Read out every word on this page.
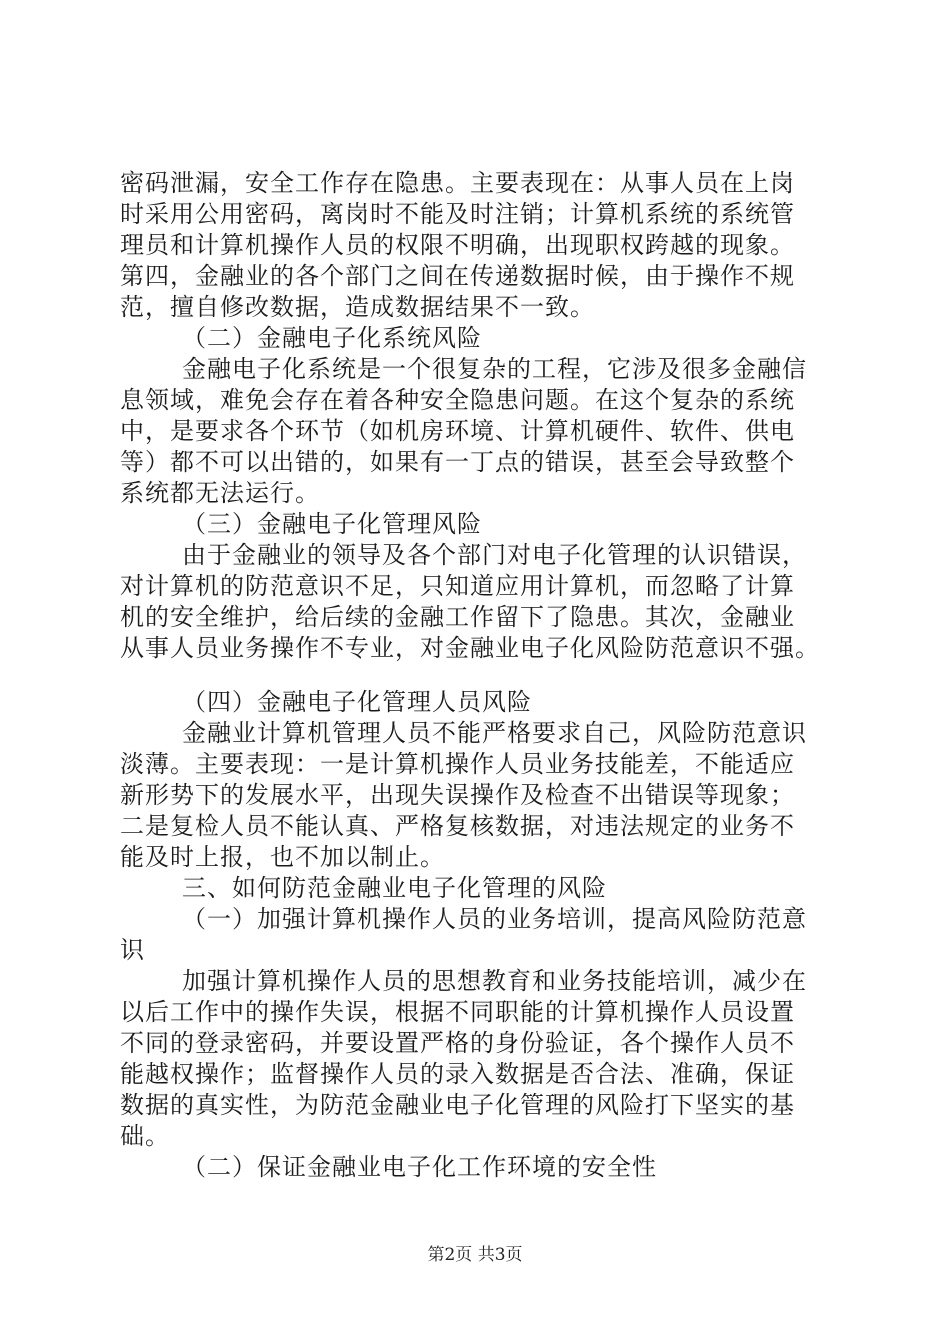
密码泄漏，安全工作存在隐患。主要表现在：从事人员在上岗
时采用公用密码，离岗时不能及时注销；计算机系统的系统管
理员和计算机操作人员的权限不明确，出现职权跨越的现象。
第四，金融业的各个部门之间在传递数据时候，由于操作不规
范，擅自修改数据，造成数据结果不一致。
（二）金融电子化系统风险
金融电子化系统是一个很复杂的工程，它涉及很多金融信
息领域，难免会存在着各种安全隐患问题。在这个复杂的系统
中，是要求各个环节（如机房环境、计算机硬件、软件、供电
等）都不可以出错的，如果有一丁点的错误，甚至会导致整个
系统都无法运行。
（三）金融电子化管理风险
由于金融业的领导及各个部门对电子化管理的认识错误，
对计算机的防范意识不足，只知道应用计算机，而忽略了计算
机的安全维护，给后续的金融工作留下了隐患。其次，金融业
从事人员业务操作不专业，对金融业电子化风险防范意识不强。
（四）金融电子化管理人员风险
金融业计算机管理人员不能严格要求自己，风险防范意识
淡薄。主要表现：一是计算机操作人员业务技能差，不能适应
新形势下的发展水平，出现失误操作及检查不出错误等现象；
二是复检人员不能认真、严格复核数据，对违法规定的业务不
能及时上报，也不加以制止。
三、如何防范金融业电子化管理的风险
（一）加强计算机操作人员的业务培训，提高风险防范意
识
加强计算机操作人员的思想教育和业务技能培训，减少在
以后工作中的操作失误，根据不同职能的计算机操作人员设置
不同的登录密码，并要设置严格的身份验证，各个操作人员不
能越权操作；监督操作人员的录入数据是否合法、准确，保证
数据的真实性，为防范金融业电子化管理的风险打下坚实的基
础。
（二）保证金融业电子化工作环境的安全性
第2页 共3页
